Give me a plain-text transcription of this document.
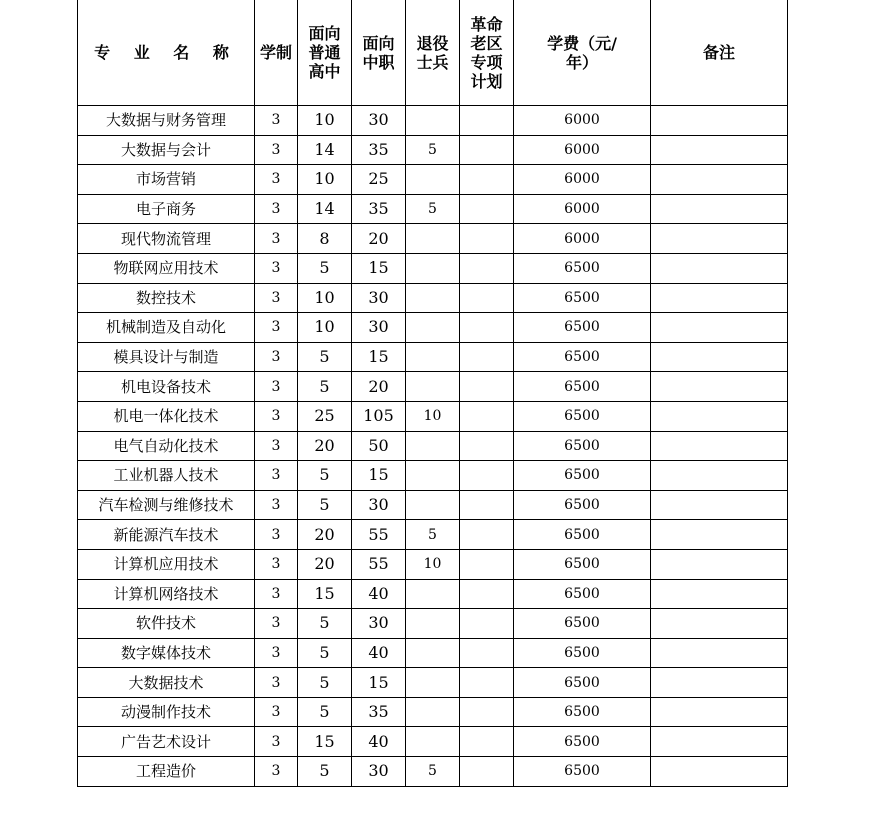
专 业 名 称	学制	面向普通高中	面向中职	退役士兵	革命老区专项计划	学费（元/年）	备注
大数据与财务管理	3	10	30			6000	
大数据与会计	3	14	35	5		6000	
市场营销	3	10	25			6000	
电子商务	3	14	35	5		6000	
现代物流管理	3	8	20			6000	
物联网应用技术	3	5	15			6500	
数控技术	3	10	30			6500	
机械制造及自动化	3	10	30			6500	
模具设计与制造	3	5	15			6500	
机电设备技术	3	5	20			6500	
机电一体化技术	3	25	105	10		6500	
电气自动化技术	3	20	50			6500	
工业机器人技术	3	5	15			6500	
汽车检测与维修技术	3	5	30			6500	
新能源汽车技术	3	20	55	5		6500	
计算机应用技术	3	20	55	10		6500	
计算机网络技术	3	15	40			6500	
软件技术	3	5	30			6500	
数字媒体技术	3	5	40			6500	
大数据技术	3	5	15			6500	
动漫制作技术	3	5	35			6500	
广告艺术设计	3	15	40			6500	
工程造价	3	5	30	5		6500	
